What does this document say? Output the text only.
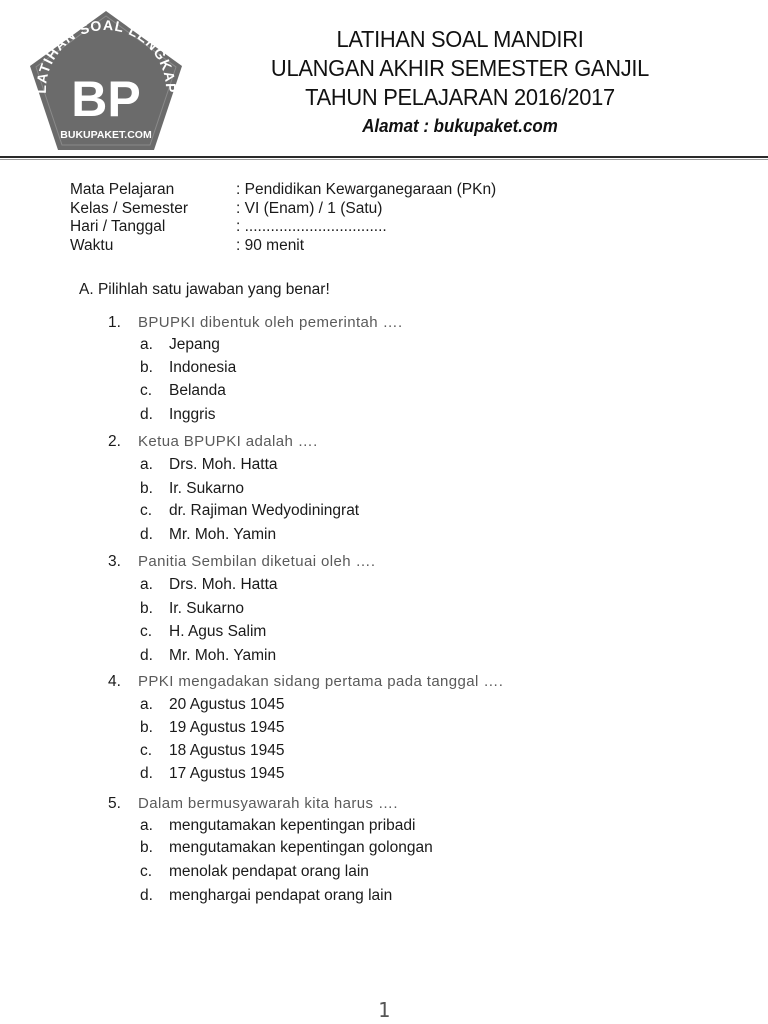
LATIHAN SOAL LENGKAP
BP
BUKUPAKET.COM
LATIHAN SOAL MANDIRI
ULANGAN AKHIR SEMESTER GANJIL
TAHUN PELAJARAN 2016/2017
Alamat : bukupaket.com
Mata Pelajaran	: Pendidikan Kewarganegaraan (PKn)
Kelas / Semester	: VI (Enam) / 1 (Satu)
Hari / Tanggal	: .................................
Waktu	: 90 menit
A. Pilihlah satu jawaban yang benar!
1. BPUPKI dibentuk oleh pemerintah ….
a. Jepang
b. Indonesia
c. Belanda
d. Inggris
2. Ketua BPUPKI adalah ….
a. Drs. Moh. Hatta
b. Ir. Sukarno
c. dr. Rajiman Wedyodiningrat
d. Mr. Moh. Yamin
3. Panitia Sembilan diketuai oleh ….
a. Drs. Moh. Hatta
b. Ir. Sukarno
c. H. Agus Salim
d. Mr. Moh. Yamin
4. PPKI mengadakan sidang pertama pada tanggal ….
a. 20 Agustus 1045
b. 19 Agustus 1945
c. 18 Agustus 1945
d. 17 Agustus 1945
5. Dalam bermusyawarah kita harus ….
a. mengutamakan kepentingan pribadi
b. mengutamakan kepentingan golongan
c. menolak pendapat orang lain
d. menghargai pendapat orang lain
1
